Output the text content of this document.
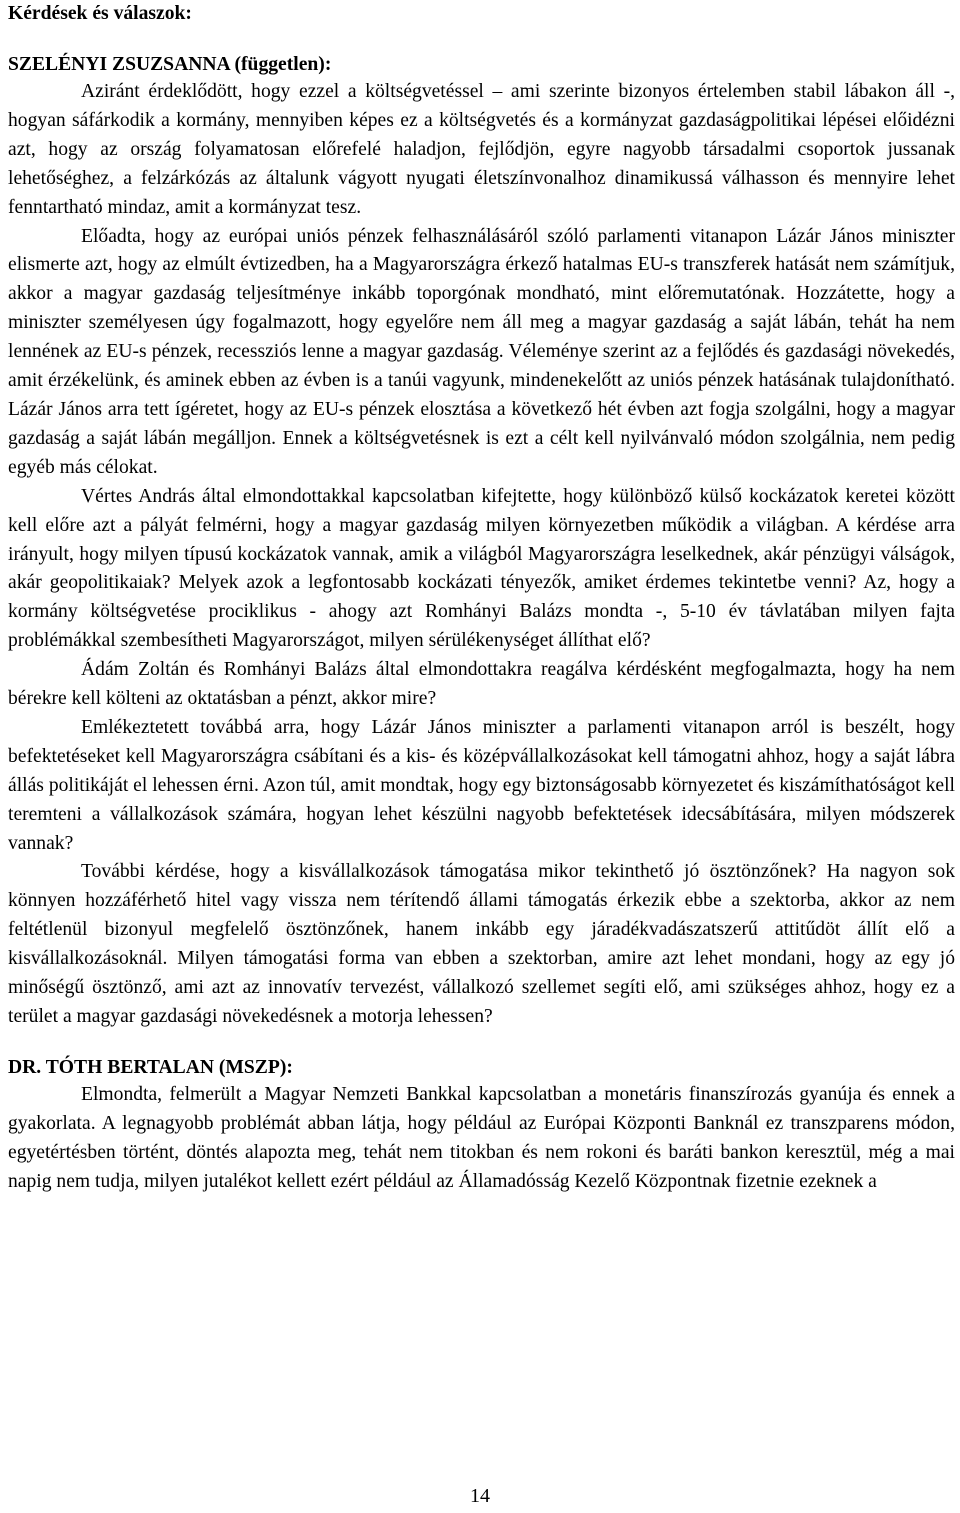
Kérdések és válaszok:
SZELÉNYI ZSUZSANNA (független):

Aziránt érdeklődött, hogy ezzel a költségvetéssel – ami szerinte bizonyos értelemben stabil lábakon áll -, hogyan sáfárkodik a kormány, mennyiben képes ez a költségvetés és a kormányzat gazdaságpolitikai lépései előidézni azt, hogy az ország folyamatosan előrefelé haladjon, fejlődjön, egyre nagyobb társadalmi csoportok jussanak lehetőséghez, a felzárkózás az általunk vágyott nyugati életszínvonalhoz dinamikussá válhasson és mennyire lehet fenntartható mindaz, amit a kormányzat tesz.

Előadta, hogy az európai uniós pénzek felhasználásáról szóló parlamenti vitanapon Lázár János miniszter elismerte azt, hogy az elmúlt évtizedben, ha a Magyarországra érkező hatalmas EU-s transzferek hatását nem számítjuk, akkor a magyar gazdaság teljesítménye inkább toporgónak mondható, mint előremutatónak. Hozzátette, hogy a miniszter személyesen úgy fogalmazott, hogy egyelőre nem áll meg a magyar gazdaság a saját lábán, tehát ha nem lennének az EU-s pénzek, recessziós lenne a magyar gazdaság. Véleménye szerint az a fejlődés és gazdasági növekedés, amit érzékelünk, és aminek ebben az évben is a tanúi vagyunk, mindenekelőtt az uniós pénzek hatásának tulajdonítható. Lázár János arra tett ígéretet, hogy az EU-s pénzek elosztása a következő hét évben azt fogja szolgálni, hogy a magyar gazdaság a saját lábán megálljon. Ennek a költségvetésnek is ezt a célt kell nyilvánvaló módon szolgálnia, nem pedig egyéb más célokat.

Vértes András által elmondottakkal kapcsolatban kifejtette, hogy különböző külső kockázatok keretei között kell előre azt a pályát felmérni, hogy a magyar gazdaság milyen környezetben működik a világban. A kérdése arra irányult, hogy milyen típusú kockázatok vannak, amik a világból Magyarországra leselkednek, akár pénzügyi válságok, akár geopolitikaiak? Melyek azok a legfontosabb kockázati tényezők, amiket érdemes tekintetbe venni? Az, hogy a kormány költségvetése prociklikus - ahogy azt Romhányi Balázs mondta -, 5-10 év távlatában milyen fajta problémákkal szembesítheti Magyarországot, milyen sérülékenységet állíthat elő?

Ádám Zoltán és Romhányi Balázs által elmondottakra reagálva kérdésként megfogalmazta, hogy ha nem bérekre kell költeni az oktatásban a pénzt, akkor mire?

Emlékeztetett továbbá arra, hogy Lázár János miniszter a parlamenti vitanapon arról is beszélt, hogy befektetéseket kell Magyarországra csábítani és a kis- és középvállalkozásokat kell támogatni ahhoz, hogy a saját lábra állás politikáját el lehessen érni. Azon túl, amit mondtak, hogy egy biztonságosabb környezetet és kiszámíthatóságot kell teremteni a vállalkozások számára, hogyan lehet készülni nagyobb befektetések idecsábítására, milyen módszerek vannak?

További kérdése, hogy a kisvállalkozások támogatása mikor tekinthető jó ösztönzőnek? Ha nagyon sok könnyen hozzáférhető hitel vagy vissza nem térítendő állami támogatás érkezik ebbe a szektorba, akkor az nem feltétlenül bizonyul megfelelő ösztönzőnek, hanem inkább egy járadékvadászatszerű attitűdöt állít elő a kisvállalkozásoknál. Milyen támogatási forma van ebben a szektorban, amire azt lehet mondani, hogy az egy jó minőségű ösztönző, ami azt az innovatív tervezést, vállalkozó szellemet segíti elő, ami szükséges ahhoz, hogy ez a terület a magyar gazdasági növekedésnek a motorja lehessen?

DR. TÓTH BERTALAN (MSZP):

Elmondta, felmerült a Magyar Nemzeti Bankkal kapcsolatban a monetáris finanszírozás gyanúja és ennek a gyakorlata. A legnagyobb problémát abban látja, hogy például az Európai Központi Banknál ez transzparens módon, egyetértésben történt, döntés alapozta meg, tehát nem titokban és nem rokoni és baráti bankon keresztül, még a mai napig nem tudja, milyen jutalékot kellett ezért például az Államadósság Kezelő Központnak fizetnie ezeknek a

14
